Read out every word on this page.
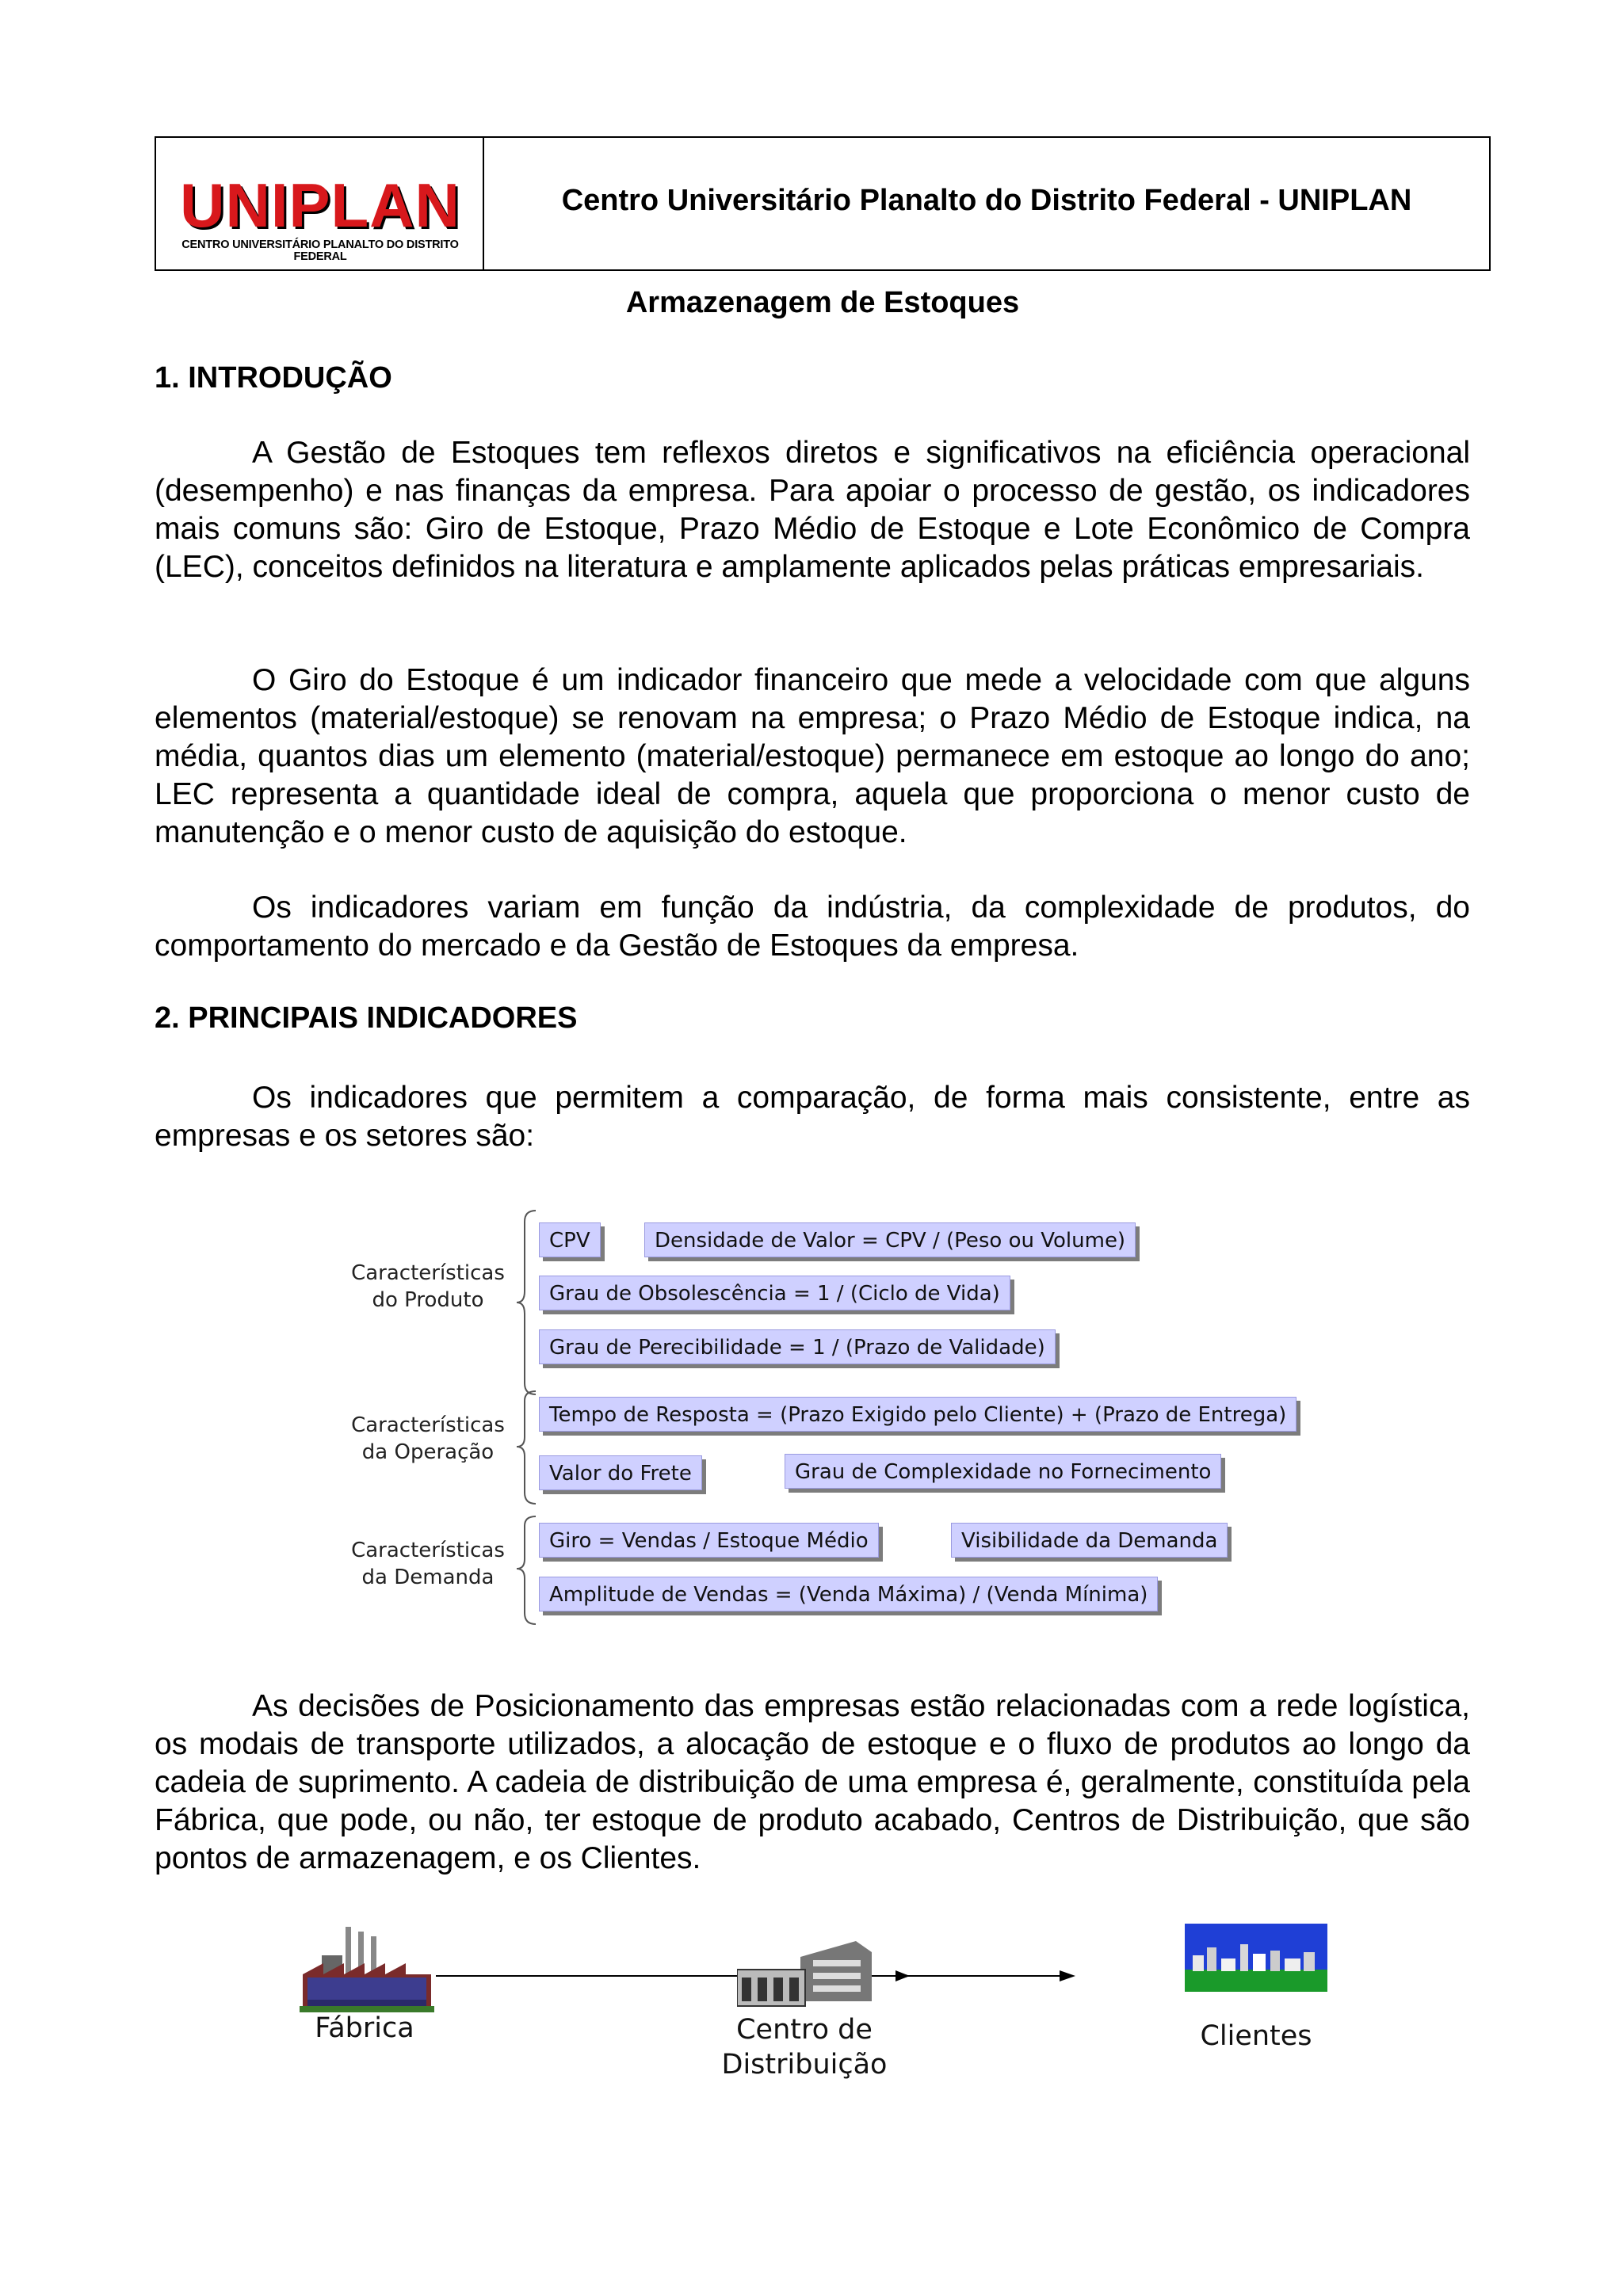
UNIPLAN
CENTRO UNIVERSITÁRIO PLANALTO DO DISTRITO FEDERAL
Centro Universitário Planalto do Distrito Federal - UNIPLAN
Armazenagem de Estoques
1. INTRODUÇÃO
A Gestão de Estoques tem reflexos diretos e significativos na eficiência operacional (desempenho) e nas finanças da empresa. Para apoiar o processo de gestão, os indicadores mais comuns são: Giro de Estoque, Prazo Médio de Estoque e Lote Econômico de Compra (LEC), conceitos definidos na literatura e amplamente aplicados pelas práticas empresariais.
O Giro do Estoque é um indicador financeiro que mede a velocidade com que alguns elementos (material/estoque) se renovam na empresa; o Prazo Médio de Estoque indica, na média, quantos dias um elemento (material/estoque) permanece em estoque ao longo do ano; LEC representa a quantidade ideal de compra, aquela que proporciona o menor custo de manutenção e o menor custo de aquisição do estoque.
Os indicadores variam em função da indústria, da complexidade de produtos, do comportamento do mercado e da Gestão de Estoques da empresa.
2. PRINCIPAIS INDICADORES
Os indicadores que permitem a comparação, de forma mais consistente, entre as empresas e os setores são:
Características
do Produto
CPV	Densidade de Valor = CPV / (Peso ou Volume)
Grau de Obsolescência = 1 / (Ciclo de Vida)
Grau de Perecibilidade = 1 / (Prazo de Validade)
Características
da Operação
Tempo de Resposta = (Prazo Exigido pelo Cliente) + (Prazo de Entrega)
Valor do Frete	Grau de Complexidade no Fornecimento
Características
da Demanda
Giro = Vendas / Estoque Médio	Visibilidade da Demanda
Amplitude de Vendas = (Venda Máxima) / (Venda Mínima)
As decisões de Posicionamento das empresas estão relacionadas com a rede logística, os modais de transporte utilizados, a alocação de estoque e o fluxo de produtos ao longo da cadeia de suprimento. A cadeia de distribuição de uma empresa é, geralmente, constituída pela Fábrica, que pode, ou não, ter estoque de produto acabado, Centros de Distribuição, que são pontos de armazenagem, e os Clientes.
Fábrica	Centro de
Distribuição
Clientes
